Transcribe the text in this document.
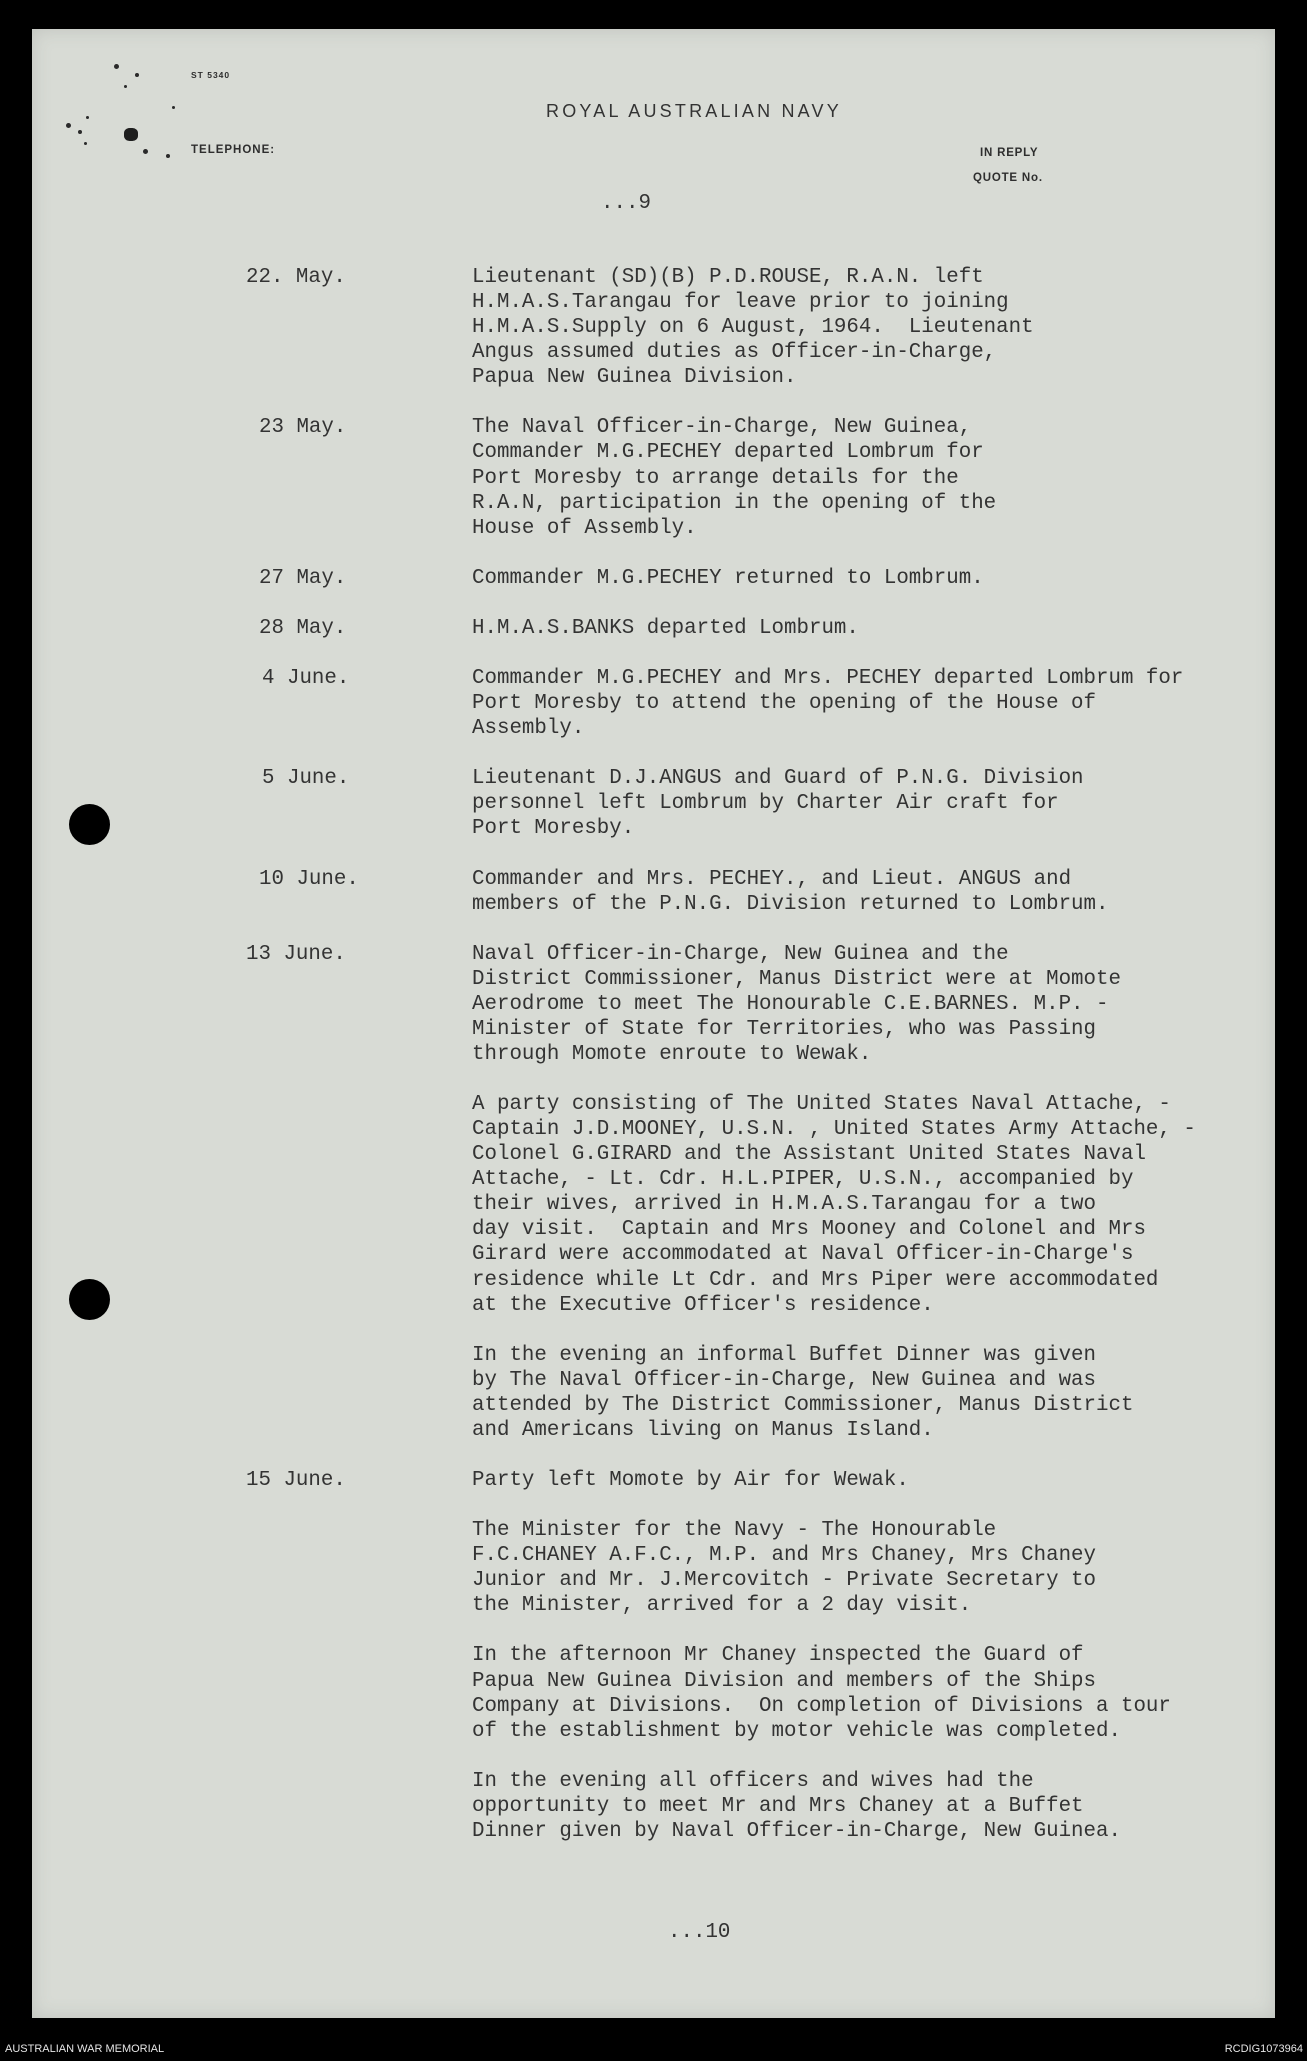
ST 5340
ROYAL AUSTRALIAN NAVY
TELEPHONE:	IN REPLY
QUOTE No.
...9
22. May.	Lieutenant (SD)(B) P.D.ROUSE, R.A.N. left
H.M.A.S.Tarangau for leave prior to joining
H.M.A.S.Supply on 6 August, 1964.  Lieutenant
Angus assumed duties as Officer-in-Charge,
Papua New Guinea Division.
23 May.	The Naval Officer-in-Charge, New Guinea,
Commander M.G.PECHEY departed Lombrum for
Port Moresby to arrange details for the
R.A.N, participation in the opening of the
House of Assembly.
27 May.	Commander M.G.PECHEY returned to Lombrum.
28 May.	H.M.A.S.BANKS departed Lombrum.
4 June.	Commander M.G.PECHEY and Mrs. PECHEY departed Lombrum for
Port Moresby to attend the opening of the House of
Assembly.
5 June.	Lieutenant D.J.ANGUS and Guard of P.N.G. Division
personnel left Lombrum by Charter Air craft for
Port Moresby.
10 June.	Commander and Mrs. PECHEY., and Lieut. ANGUS and
members of the P.N.G. Division returned to Lombrum.
13 June.	Naval Officer-in-Charge, New Guinea and the
District Commissioner, Manus District were at Momote
Aerodrome to meet The Honourable C.E.BARNES. M.P. -
Minister of State for Territories, who was Passing
through Momote enroute to Wewak.
A party consisting of The United States Naval Attache, -
Captain J.D.MOONEY, U.S.N. , United States Army Attache, -
Colonel G.GIRARD and the Assistant United States Naval
Attache, - Lt. Cdr. H.L.PIPER, U.S.N., accompanied by
their wives, arrived in H.M.A.S.Tarangau for a two
day visit.  Captain and Mrs Mooney and Colonel and Mrs
Girard were accommodated at Naval Officer-in-Charge's
residence while Lt Cdr. and Mrs Piper were accommodated
at the Executive Officer's residence.
In the evening an informal Buffet Dinner was given
by The Naval Officer-in-Charge, New Guinea and was
attended by The District Commissioner, Manus District
and Americans living on Manus Island.
15 June.	Party left Momote by Air for Wewak.
The Minister for the Navy - The Honourable
F.C.CHANEY A.F.C., M.P. and Mrs Chaney, Mrs Chaney
Junior and Mr. J.Mercovitch - Private Secretary to
the Minister, arrived for a 2 day visit.
In the afternoon Mr Chaney inspected the Guard of
Papua New Guinea Division and members of the Ships
Company at Divisions.  On completion of Divisions a tour
of the establishment by motor vehicle was completed.
In the evening all officers and wives had the
opportunity to meet Mr and Mrs Chaney at a Buffet
Dinner given by Naval Officer-in-Charge, New Guinea.
...10
AUSTRALIAN WAR MEMORIAL	RCDIG1073964
